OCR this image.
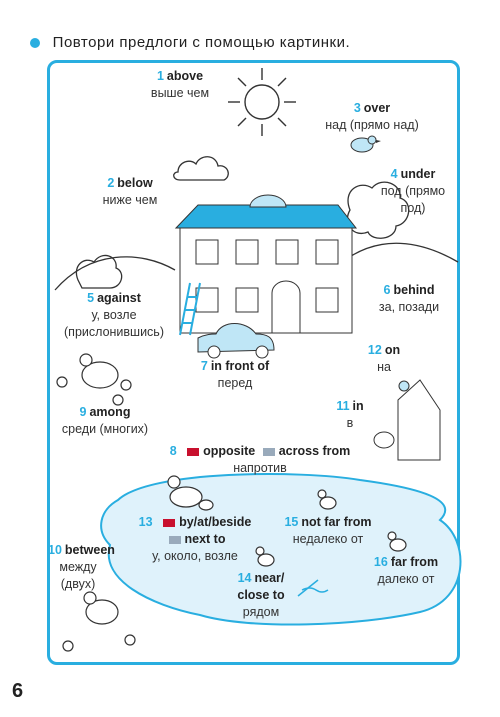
Повтори предлоги с помощью картинки.
1 above
выше чем
3 over
над (прямо над)
2 below
ниже чем
4 under
под (прямо под)
5 against
у, возле (прислонившись)
6 behind
за, позади
7 in front of
перед
12 on
на
11 in
в
9 among
среди (многих)
8 opposite across from
напротив
13 by/at/beside
next to
у, около, возле
15 not far from
недалеко от
10 between
между (двух)
16 far from
далеко от
14 near/ close to
рядом
6
